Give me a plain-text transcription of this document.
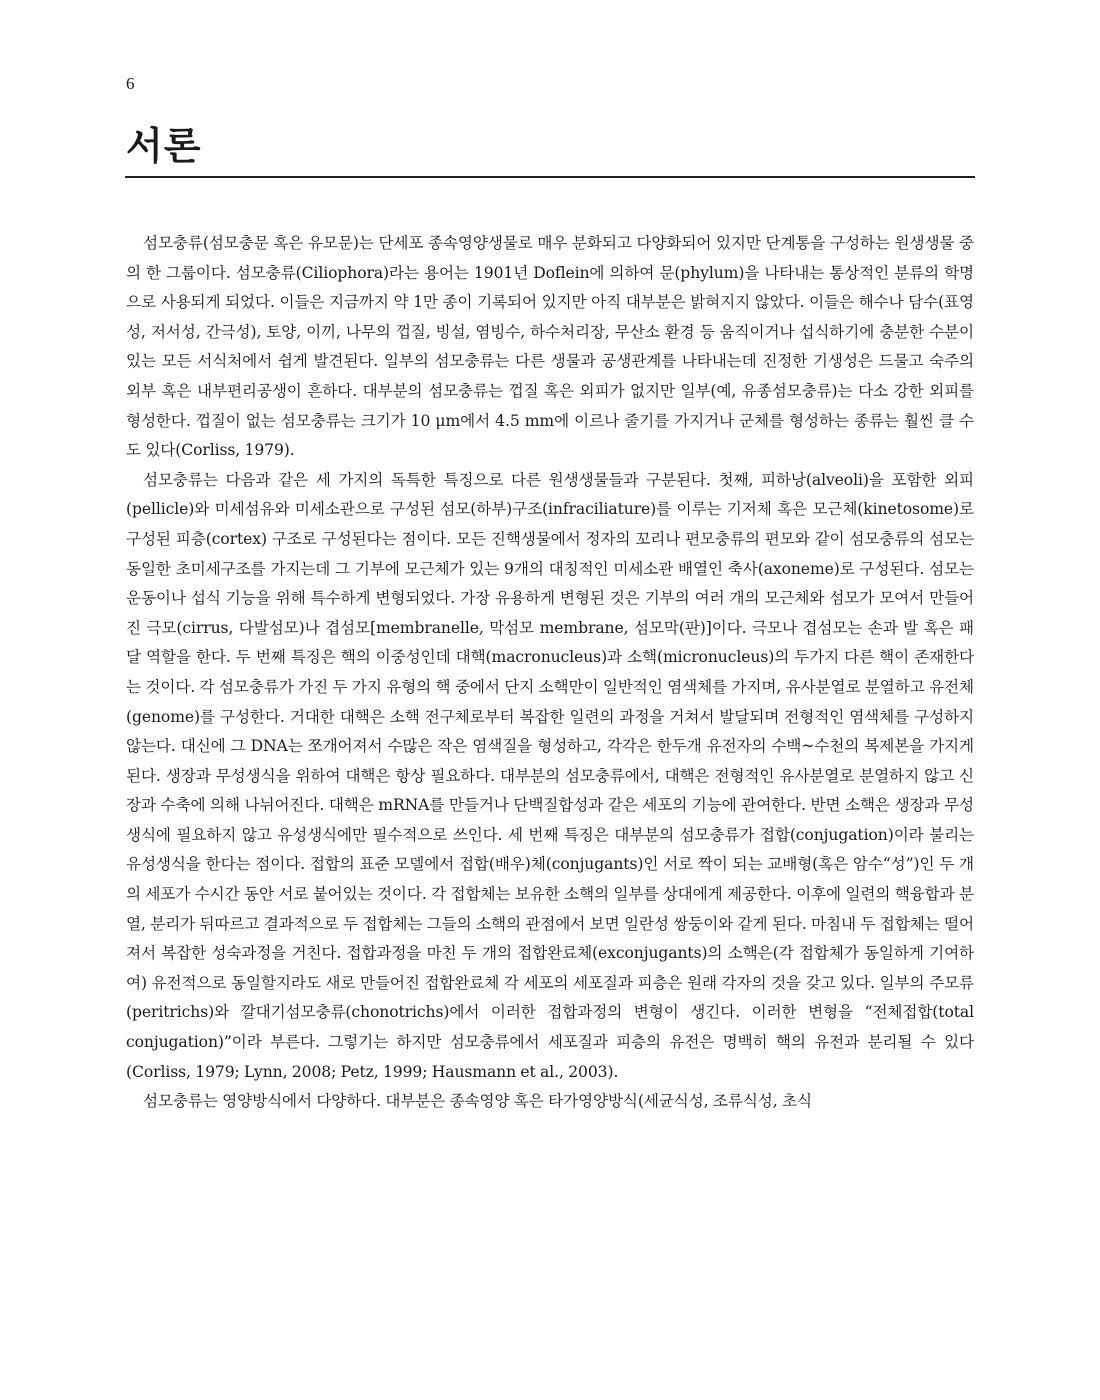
6
서론

섬모충류(섬모충문 혹은 유모문)는 단세포 종속영양생물로 매우 분화되고 다양화되어 있지만 단계통을 구성하는 원생생물 중의 한 그룹이다. 섬모충류(Ciliophora)라는 용어는 1901년 Doflein에 의하여 문(phylum)을 나타내는 통상적인 분류의 학명으로 사용되게 되었다. 이들은 지금까지 약 1만 종이 기록되어 있지만 아직 대부분은 밝혀지지 않았다. 이들은 해수나 담수(표영성, 저서성, 간극성), 토양, 이끼, 나무의 껍질, 빙설, 염빙수, 하수처리장, 무산소 환경 등 움직이거나 섭식하기에 충분한 수분이 있는 모든 서식처에서 쉽게 발견된다. 일부의 섬모충류는 다른 생물과 공생관계를 나타내는데 진정한 기생성은 드물고 숙주의 외부 혹은 내부편리공생이 흔하다. 대부분의 섬모충류는 껍질 혹은 외피가 없지만 일부(예, 유종섬모충류)는 다소 강한 외피를 형성한다. 껍질이 없는 섬모충류는 크기가 10 μm에서 4.5 mm에 이르나 줄기를 가지거나 군체를 형성하는 종류는 훨씬 클 수도 있다(Corliss, 1979).

섬모충류는 다음과 같은 세 가지의 독특한 특징으로 다른 원생생물들과 구분된다. 첫째, 피하낭(alveoli)을 포함한 외피(pellicle)와 미세섬유와 미세소관으로 구성된 섬모(하부)구조(infraciliature)를 이루는 기저체 혹은 모근체(kinetosome)로 구성된 피층(cortex) 구조로 구성된다는 점이다. 모든 진핵생물에서 정자의 꼬리나 편모충류의 편모와 같이 섬모충류의 섬모는 동일한 초미세구조를 가지는데 그 기부에 모근체가 있는 9개의 대칭적인 미세소관 배열인 축사(axoneme)로 구성된다. 섬모는 운동이나 섭식 기능을 위해 특수하게 변형되었다. 가장 유용하게 변형된 것은 기부의 여러 개의 모근체와 섬모가 모여서 만들어진 극모(cirrus, 다발섬모)나 겹섬모[membranelle, 막섬모 membrane, 섬모막(판)]이다. 극모나 겹섬모는 손과 발 혹은 패달 역할을 한다. 두 번째 특징은 핵의 이중성인데 대핵(macronucleus)과 소핵(micronucleus)의 두가지 다른 핵이 존재한다는 것이다. 각 섬모충류가 가진 두 가지 유형의 핵 중에서 단지 소핵만이 일반적인 염색체를 가지며, 유사분열로 분열하고 유전체(genome)를 구성한다. 거대한 대핵은 소핵 전구체로부터 복잡한 일련의 과정을 거쳐서 발달되며 전형적인 염색체를 구성하지 않는다. 대신에 그 DNA는 쪼개어져서 수많은 작은 염색질을 형성하고, 각각은 한두개 유전자의 수백~수천의 복제본을 가지게 된다. 생장과 무성생식을 위하여 대핵은 항상 필요하다. 대부분의 섬모충류에서, 대핵은 전형적인 유사분열로 분열하지 않고 신장과 수축에 의해 나뉘어진다. 대핵은 mRNA를 만들거나 단백질합성과 같은 세포의 기능에 관여한다. 반면 소핵은 생장과 무성생식에 필요하지 않고 유성생식에만 필수적으로 쓰인다. 세 번째 특징은 대부분의 섬모충류가 접합(conjugation)이라 불리는 유성생식을 한다는 점이다. 접합의 표준 모델에서 접합(배우)체(conjugants)인 서로 짝이 되는 교배형(혹은 암수“성”)인 두 개의 세포가 수시간 동안 서로 붙어있는 것이다. 각 접합체는 보유한 소핵의 일부를 상대에게 제공한다. 이후에 일련의 핵융합과 분열, 분리가 뒤따르고 결과적으로 두 접합체는 그들의 소핵의 관점에서 보면 일란성 쌍둥이와 같게 된다. 마침내 두 접합체는 떨어져서 복잡한 성숙과정을 거친다. 접합과정을 마친 두 개의 접합완료체(exconjugants)의 소핵은(각 접합체가 동일하게 기여하여) 유전적으로 동일할지라도 새로 만들어진 접합완료체 각 세포의 세포질과 피층은 원래 각자의 것을 갖고 있다. 일부의 주모류(peritrichs)와 깔대기섬모충류(chonotrichs)에서 이러한 접합과정의 변형이 생긴다. 이러한 변형을 “전체접합(total conjugation)”이라 부른다. 그렇기는 하지만 섬모충류에서 세포질과 피층의 유전은 명백히 핵의 유전과 분리될 수 있다(Corliss, 1979; Lynn, 2008; Petz, 1999; Hausmann et al., 2003).

섬모충류는 영양방식에서 다양하다. 대부분은 종속영양 혹은 타가영양방식(세균식성, 조류식성, 초식
